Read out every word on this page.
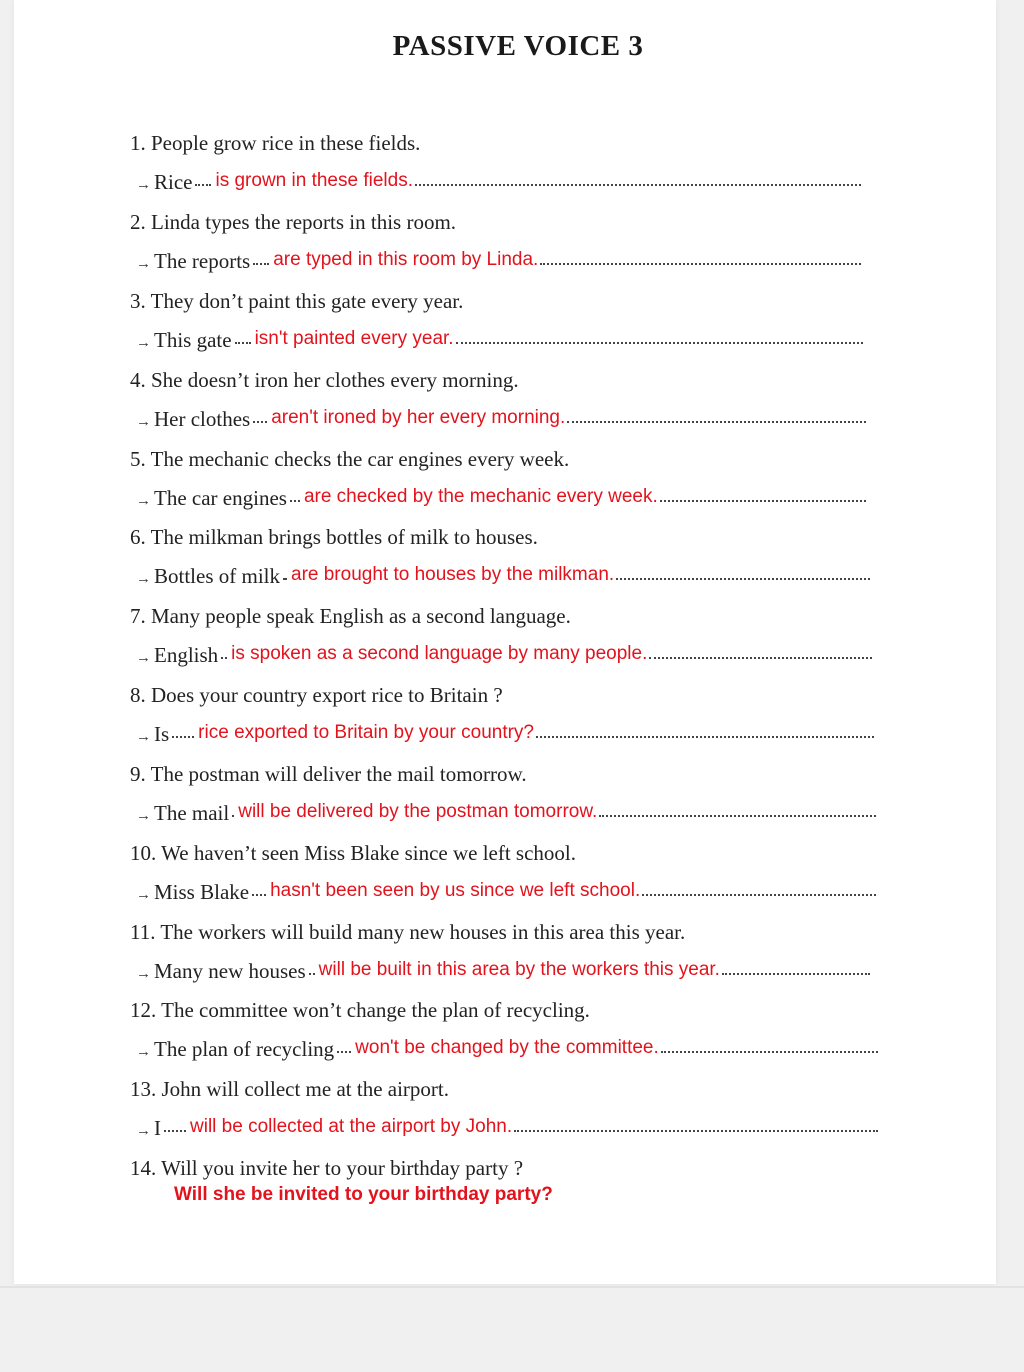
PASSIVE VOICE 3
1. People grow rice in these fields.
→ Rice is grown in these fields.
2. Linda types the reports in this room.
→ The reports are typed in this room by Linda.
3. They don’t paint this gate every year.
→ This gate isn't painted every year.
4. She doesn’t iron her clothes every morning.
→ Her clothes aren't ironed by her every morning.
5. The mechanic checks the car engines every week.
→ The car engines are checked by the mechanic every week.
6. The milkman brings bottles of milk to houses.
→ Bottles of milk are brought to houses by the milkman.
7. Many people speak English as a second language.
→ English is spoken as a second language by many people.
8. Does your country export rice to Britain ?
→ Is rice exported to Britain by your country?
9. The postman will deliver the mail tomorrow.
→ The mail will be delivered by the postman tomorrow.
10. We haven’t seen Miss Blake since we left school.
→ Miss Blake hasn't been seen by us since we left school.
11. The workers will build many new houses in this area this year.
→ Many new houses will be built in this area by the workers this year.
12. The committee won’t change the plan of recycling.
→ The plan of recycling won't be changed by the committee.
13. John will collect me at the airport.
→ I will be collected at the airport by John.
14. Will you invite her to your birthday party ?
Will she be invited to your birthday party?
